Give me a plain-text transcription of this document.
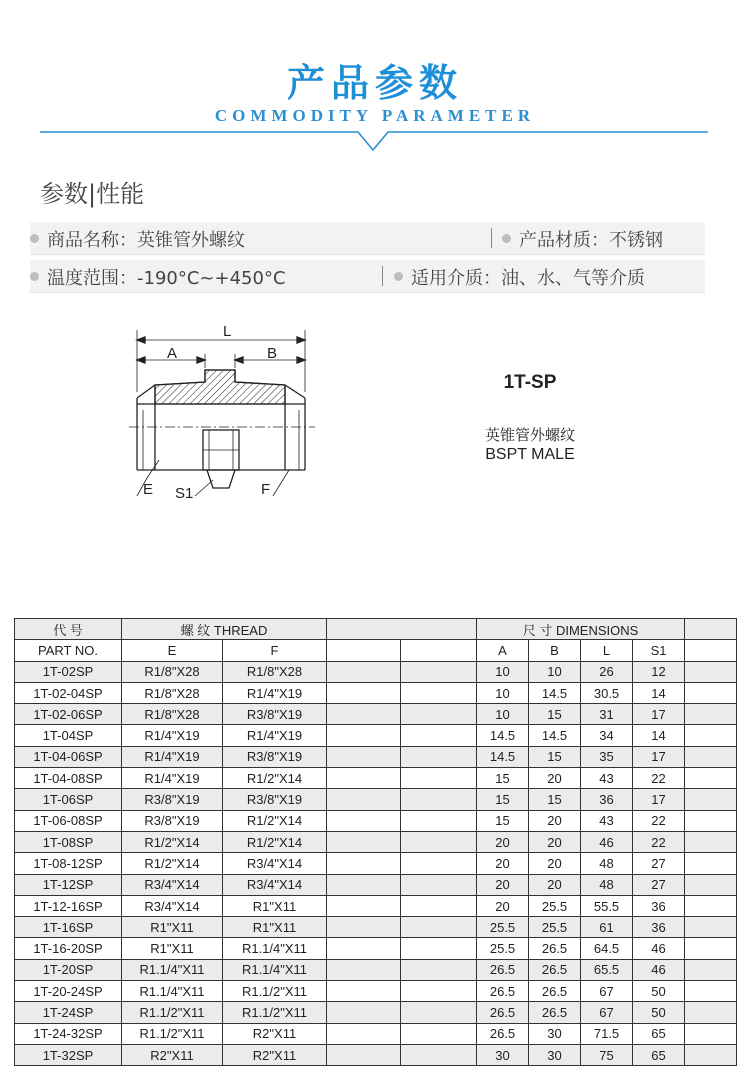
产品参数
COMMODITY PARAMETER
参数|性能
商品名称：英锥管外螺纹	产品材质：不锈钢
温度范围：-190°C~+450°C	适用介质：油、水、气等介质
L
A	B
E S1	F
1T-SP
英锥管外螺纹
BSPT MALE
代 号	螺 纹 THREAD				尺 寸 DIMENSIONS				
PART NO.	E	F			A	B	L	S1	
1T-02SP	R1/8"X28	R1/8"X28			10	10	26	12	
1T-02-04SP	R1/8"X28	R1/4"X19			10	14.5	30.5	14	
1T-02-06SP	R1/8"X28	R3/8"X19			10	15	31	17	
1T-04SP	R1/4"X19	R1/4"X19			14.5	14.5	34	14	
1T-04-06SP	R1/4"X19	R3/8"X19			14.5	15	35	17	
1T-04-08SP	R1/4"X19	R1/2"X14			15	20	43	22	
1T-06SP	R3/8"X19	R3/8"X19			15	15	36	17	
1T-06-08SP	R3/8"X19	R1/2"X14			15	20	43	22	
1T-08SP	R1/2"X14	R1/2"X14			20	20	46	22	
1T-08-12SP	R1/2"X14	R3/4"X14			20	20	48	27	
1T-12SP	R3/4"X14	R3/4"X14			20	20	48	27	
1T-12-16SP	R3/4"X14	R1"X11			20	25.5	55.5	36	
1T-16SP	R1"X11	R1"X11			25.5	25.5	61	36	
1T-16-20SP	R1"X11	R1.1/4"X11			25.5	26.5	64.5	46	
1T-20SP	R1.1/4"X11	R1.1/4"X11			26.5	26.5	65.5	46	
1T-20-24SP	R1.1/4"X11	R1.1/2"X11			26.5	26.5	67	50	
1T-24SP	R1.1/2"X11	R1.1/2"X11			26.5	26.5	67	50	
1T-24-32SP	R1.1/2"X11	R2"X11			26.5	30	71.5	65	
1T-32SP	R2"X11	R2"X11			30	30	75	65	
